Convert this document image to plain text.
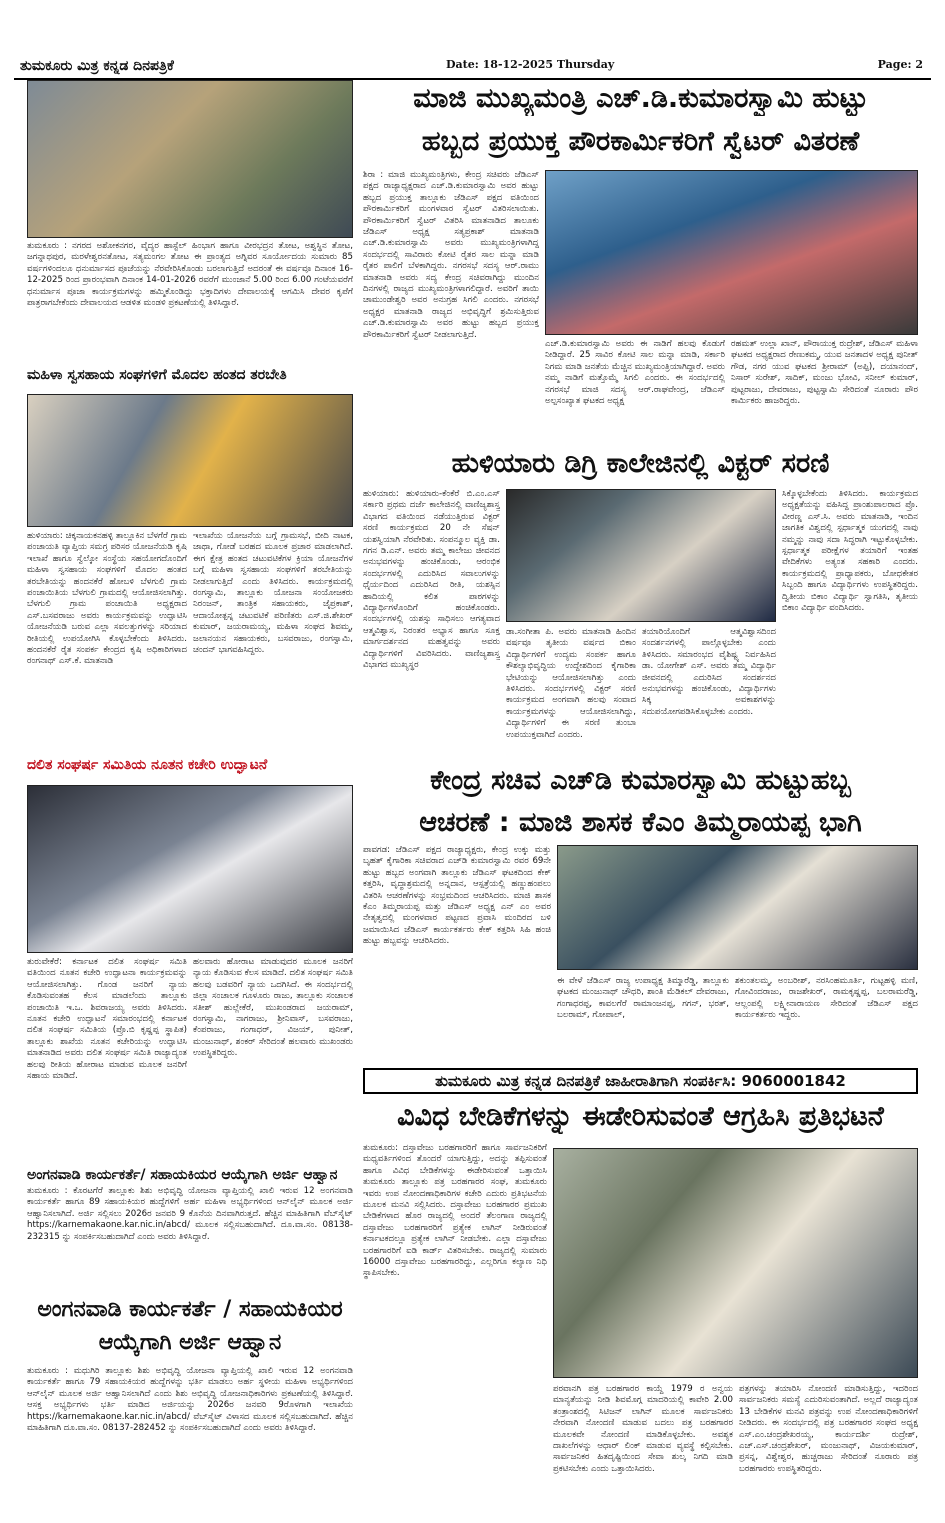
ತುಮಕೂರು ಮಿತ್ರ ಕನ್ನಡ ದಿನಪತ್ರಿಕೆ	Date: 18-12-2025 Thursday	Page: 2
ತುಮಕೂರು : ನಗರದ ಅಶೋಕನಗರ, ವೈದ್ಯರ ಹಾಸ್ಟೆಲ್ ಹಿಂಭಾಗ ಹಾಗೂ ವೀರಭದ್ರನ ತೋಟ, ಅಶ್ವಸ್ಥಿನ ತೋಟ, ಜಗನ್ನಾಥಪುರ, ಮರಳೇಶ್ವರನತೋಟ, ಸತ್ಯಮಂಗಲ ತೋಟ ಈ ಪ್ರಾಂತ್ಯದ ಅಗ್ನಿವರ ಸೂರ್ಯೋದಯ ಸುಮಾರು 85 ವರ್ಷಗಳಿಂದಲೂ ಧನುರ್ಮಾಸದ ಪೂಜೆಯನ್ನು ನೆರವೇರಿಸಿಕೊಂಡು ಬರಲಾಗುತ್ತಿದೆ ಅದರಂತೆ ಈ ವರ್ಷವೂ ದಿನಾಂಕ 16-12-2025 ರಿಂದ ಪ್ರಾರಂಭವಾಗಿ ದಿನಾಂಕ 14-01-2026 ರವರೆಗೆ ಮುಂಜಾನೆ 5.00 ರಿಂದ 6.00 ಗಂಟೆಯವರೆಗೆ ಧನುರ್ಮಾಸ ಪೂಜಾ ಕಾರ್ಯಕ್ರಮಗಳನ್ನು ಹಮ್ಮಿಕೊಂಡಿದ್ದು ಭಕ್ತಾದಿಗಳು ದೇವಾಲಯಕ್ಕೆ ಆಗಮಿಸಿ ದೇವರ ಕೃಪೆಗೆ ಪಾತ್ರರಾಗಬೇಕೆಂದು ದೇವಾಲಯದ ಆಡಳಿತ ಮಂಡಳಿ ಪ್ರಕಟಣೆಯಲ್ಲಿ ತಿಳಿಸಿದ್ದಾರೆ.
ಮಹಿಳಾ ಸ್ವಸಹಾಯ ಸಂಘಗಳಿಗೆ ಮೊದಲ ಹಂತದ ತರಬೇತಿ
ಹುಳಿಯಾರು: ಚಿಕ್ಕನಾಯಕನಹಳ್ಳಿ ತಾಲ್ಲೂಕಿನ ಬೆಳಗೆರೆ ಗ್ರಾಮ ಪಂಚಾಯತಿ ವ್ಯಾಪ್ತಿಯ ಸಮಗ್ರ ಪರಿಸರ ಯೋಜನೆಯಡಿ ಕೃಷಿ ಇಲಾಖೆ ಹಾಗೂ ಸ್ವೆಲ್ಕೋ ಸಂಸ್ಥೆಯ ಸಹಯೋಗದೊಂದಿಗೆ ಮಹಿಳಾ ಸ್ವಸಹಾಯ ಸಂಘಗಳಿಗೆ ಮೊದಲ ಹಂತದ ತರಬೇತಿಯನ್ನು ಹಂದನಕೆರೆ ಹೋಬಳಿ ಬೆಳಗುಲಿ ಗ್ರಾಮ ಪಂಚಾಯಿತಿಯ ಬೆಳಗುಲಿ ಗ್ರಾಮದಲ್ಲಿ ಆಯೋಜಿಸಲಾಗಿತ್ತು. ಬೆಳಗುಲಿ ಗ್ರಾಮ ಪಂಚಾಯಿತಿ ಅಧ್ಯಕ್ಷರಾದ ಎಸ್.ಬಸವರಾಜು ಅವರು ಕಾರ್ಯಕ್ರಮವನ್ನು ಉದ್ಘಾಟಿಸಿ ಯೋಜನೆಯಡಿ ಬರುವ ಎಲ್ಲಾ ಸವಲತ್ತುಗಳನ್ನು ಸರಿಯಾದ ರೀತಿಯಲ್ಲಿ ಉಪಯೋಗಿಸಿ ಕೊಳ್ಳಬೇಕೆಂದು ತಿಳಿಸಿದರು. ಹಂದನಕೆರೆ ರೈತ ಸಂಪರ್ಕ ಕೇಂದ್ರದ ಕೃಷಿ ಅಧಿಕಾರಿಗಳಾದ ರಂಗನಾಥ್ ಎಸ್.ಕೆ. ಮಾತನಾಡಿ
ಇಲಾಖೆಯ ಯೋಜನೆಯ ಬಗ್ಗೆ ಗ್ರಾಮಸಭೆ, ಬೀದಿ ನಾಟಕ, ಜಾಥಾ, ಗೋಡೆ ಬರಹದ ಮೂಲಕ ಪ್ರಚಾರ ಮಾಡಲಾಗಿದೆ. ಈಗ ಕ್ಷೇತ್ರ ಹಂತದ ಚಟುವಟಿಕೆಗಳ ಕ್ರಿಯಾ ಯೋಜನೆಗಳ ಬಗ್ಗೆ ಮಹಿಳಾ ಸ್ವಸಹಾಯ ಸಂಘಗಳಿಗೆ ತರಬೇತಿಯನ್ನು ನೀಡಲಾಗುತ್ತಿದೆ ಎಂದು ತಿಳಿಸಿದರು. ಕಾರ್ಯಕ್ರಮದಲ್ಲಿ ರಂಗಸ್ವಾಮಿ, ತಾಲ್ಲೂಕು ಯೋಜನಾ ಸಂಯೋಜಕರು ನಿರಂಜನ್, ತಾಂತ್ರಿಕ ಸಹಾಯಕರು, ಜೈಪ್ರಕಾಶ್, ಆದಾಯೋತ್ಪನ್ನ ಚಟುವಟಿಕೆ ಪರಿಣಿತರು ಎಸ್.ಜಿ.ಶೇಖರ್ ಕುಮಾರ್, ಜಯರಾಮಯ್ಯ, ಮಹಿಳಾ ಸಂಘದ ಶಿವಮ್ಮ, ಜಲಾನಯನ ಸಹಾಯಕರು, ಬಸವರಾಜು, ರಂಗಸ್ವಾಮಿ, ಚಂದನ್ ಭಾಗವಹಿಸಿದ್ದರು.
ದಲಿತ ಸಂಘರ್ಷ ಸಮಿತಿಯ ನೂತನ ಕಚೇರಿ ಉದ್ಘಾಟನೆ
ತುರುವೇಕೆರೆ: ಕರ್ನಾಟಕ ದಲಿತ ಸಂಘರ್ಷ ಸಮಿತಿ ವತಿಯಿಂದ ನೂತನ ಕಚೇರಿ ಉದ್ಘಾಟನಾ ಕಾರ್ಯಕ್ರಮವನ್ನು ಆಯೋಜಿಸಲಾಗಿತ್ತು. ಗೊಂಡ ಜನರಿಗೆ ನ್ಯಾಯ ಕೊಡಿಸುವಂತಹ ಕೆಲಸ ಮಾಡಲೆಂದು ತಾಲ್ಲೂಕು ಪಂಚಾಯಿತಿ ಇ.ಒ. ಶಿವರಾಜಯ್ಯ ಅವರು ತಿಳಿಸಿದರು. ನೂತನ ಕಚೇರಿ ಉದ್ಘಾಟನೆ ಸಮಾರಂಭದಲ್ಲಿ ಕರ್ನಾಟಕ ದಲಿತ ಸಂಘರ್ಷ ಸಮಿತಿಯ (ಪ್ರೊ.ಬಿ ಕೃಷ್ಣಪ್ಪ ಸ್ಥಾಪಿತ) ತಾಲ್ಲೂಕು ಶಾಖೆಯ ನೂತನ ಕಚೇರಿಯನ್ನು ಉದ್ಘಾಟಿಸಿ ಮಾತನಾಡಿದ ಅವರು ದಲಿತ ಸಂಘರ್ಷ ಸಮಿತಿ ರಾಜ್ಯಾದ್ಯಂತ ಹಲವು ರೀತಿಯ ಹೋರಾಟ ಮಾಡುವ ಮೂಲಕ ಜನರಿಗೆ ಸಹಾಯ ಮಾಡಿದೆ.
ಹಲವಾರು ಹೋರಾಟ ಮಾಡುವುದರ ಮೂಲಕ ಜನರಿಗೆ ನ್ಯಾಯ ಕೊಡಿಸುವ ಕೆಲಸ ಮಾಡಿದೆ. ದಲಿತ ಸಂಘರ್ಷ ಸಮಿತಿ ಹಲವು ಬಡವರಿಗೆ ನ್ಯಾಯ ಒದಗಿಸಿದೆ. ಈ ಸಂದರ್ಭದಲ್ಲಿ ಜಿಲ್ಲಾ ಸಂಚಾಲಕ ಗೂಳೂರು ರಾಜು, ತಾಲ್ಲೂಕು ಸಂಚಾಲಕ ಸತೀಶ್ ಹುಲ್ಲೇಕೆರೆ, ಮುಖಂಡರಾದ ಜಯರಾಮ್, ರಂಗಸ್ವಾಮಿ, ನಾಗರಾಜು, ಶ್ರೀನಿವಾಸ್, ಬಸವರಾಜು, ಕೆಂಪರಾಜು, ಗಂಗಾಧರ್, ವಿಜಯ್, ಪುನೀತ್, ಮಂಜುನಾಥ್, ಶಂಕರ್ ಸೇರಿದಂತೆ ಹಲವಾರು ಮುಖಂಡರು ಉಪಸ್ಥಿತರಿದ್ದರು.
ಅಂಗನವಾಡಿ ಕಾರ್ಯಕರ್ತೆ/ ಸಹಾಯಕಿಯರ ಆಯ್ಕೆಗಾಗಿ ಅರ್ಜಿ ಆಹ್ವಾನ
ತುಮಕೂರು : ಕೊರಟಗೆರೆ ತಾಲ್ಲೂಕು ಶಿಶು ಅಭಿವೃದ್ಧಿ ಯೋಜನಾ ವ್ಯಾಪ್ತಿಯಲ್ಲಿ ಖಾಲಿ ಇರುವ 12 ಅಂಗನವಾಡಿ ಕಾರ್ಯಕರ್ತೆ ಹಾಗೂ 89 ಸಹಾಯಕಿಯರ ಹುದ್ದೆಗಳಿಗೆ ಅರ್ಹ ಮಹಿಳಾ ಅಭ್ಯರ್ಥಿಗಳಿಂದ ಆನ್‌ಲೈನ್ ಮೂಲಕ ಅರ್ಜಿ ಆಹ್ವಾನಿಸಲಾಗಿದೆ. ಅರ್ಜಿ ಸಲ್ಲಿಸಲು 2026ರ ಜನವರಿ 9 ಕೊನೆಯ ದಿನವಾಗಿರುತ್ತದೆ. ಹೆಚ್ಚಿನ ಮಾಹಿತಿಗಾಗಿ ವೆಬ್‌ಸೈಟ್ https://karnemakaone.kar.nic.in/abcd/ ಮೂಲಕ ಸಲ್ಲಿಸಬಹುದಾಗಿದೆ. ದೂ.ವಾ.ಸಂ. 08138-232315 ನ್ನು ಸಂಪರ್ಕಿಸಬಹುದಾಗಿದೆ ಎಂದು ಅವರು ತಿಳಿಸಿದ್ದಾರೆ.
ಅಂಗನವಾಡಿ ಕಾರ್ಯಕರ್ತೆ / ಸಹಾಯಕಿಯರ
ಆಯ್ಕೆಗಾಗಿ ಅರ್ಜಿ ಆಹ್ವಾನ
ತುಮಕೂರು : ಮಧುಗಿರಿ ತಾಲ್ಲೂಕು ಶಿಶು ಅಭಿವೃದ್ಧಿ ಯೋಜನಾ ವ್ಯಾಪ್ತಿಯಲ್ಲಿ ಖಾಲಿ ಇರುವ 12 ಅಂಗನವಾಡಿ ಕಾರ್ಯಕರ್ತೆ ಹಾಗೂ 79 ಸಹಾಯಕಿಯರ ಹುದ್ದೆಗಳನ್ನು ಭರ್ತಿ ಮಾಡಲು ಅರ್ಹ ಸ್ಥಳೀಯ ಮಹಿಳಾ ಅಭ್ಯರ್ಥಿಗಳಿಂದ ಆನ್‌ಲೈನ್ ಮೂಲಕ ಅರ್ಜಿ ಆಹ್ವಾನಿಸಲಾಗಿದೆ ಎಂದು ಶಿಶು ಅಭಿವೃದ್ಧಿ ಯೋಜನಾಧಿಕಾರಿಗಳು ಪ್ರಕಟಣೆಯಲ್ಲಿ ತಿಳಿಸಿದ್ದಾರೆ. ಆಸಕ್ತ ಅಭ್ಯರ್ಥಿಗಳು ಭರ್ತಿ ಮಾಡಿದ ಅರ್ಜಿಯನ್ನು 2026ರ ಜನವರಿ 9ರೊಳಗಾಗಿ ಇಲಾಖೆಯ https://karnemakaone.kar.nic.in/abcd/ ವೆಬ್‌ಸೈಟ್ ವಿಳಾಸದ ಮೂಲಕ ಸಲ್ಲಿಸಬಹುದಾಗಿದೆ. ಹೆಚ್ಚಿನ ಮಾಹಿತಿಗಾಗಿ ದೂ.ವಾ.ಸಂ. 08137-282452 ನ್ನು ಸಂಪರ್ಕಿಸಬಹುದಾಗಿದೆ ಎಂದು ಅವರು ತಿಳಿಸಿದ್ದಾರೆ.
ಮಾಜಿ ಮುಖ್ಯಮಂತ್ರಿ ಎಚ್.ಡಿ.ಕುಮಾರಸ್ವಾಮಿ ಹುಟ್ಟು
ಹಬ್ಬದ ಪ್ರಯುಕ್ತ ಪೌರಕಾರ್ಮಿಕರಿಗೆ ಸ್ವೆಟರ್ ವಿತರಣೆ
ಶಿರಾ : ಮಾಜಿ ಮುಖ್ಯಮಂತ್ರಿಗಳು, ಕೇಂದ್ರ ಸಚಿವರು ಜೆಡಿಎಸ್ ಪಕ್ಷದ ರಾಜ್ಯಾಧ್ಯಕ್ಷರಾದ ಎಚ್.ಡಿ.ಕುಮಾರಸ್ವಾಮಿ ಅವರ ಹುಟ್ಟು ಹಬ್ಬದ ಪ್ರಯುಕ್ತ ತಾಲ್ಲೂಕು ಜೆಡಿಎಸ್ ಪಕ್ಷದ ವತಿಯಿಂದ ಪೌರಕಾರ್ಮಿಕರಿಗೆ ಮಂಗಳವಾರ ಸ್ವೆಟರ್ ವಿತರಿಸಲಾಯಿತು. ಪೌರಕಾರ್ಮಿಕರಿಗೆ ಸ್ವೆಟರ್ ವಿತರಿಸಿ ಮಾತನಾಡಿದ ತಾಲೂಕು ಜೆಡಿಎಸ್ ಅಧ್ಯಕ್ಷ ಸತ್ಯಪ್ರಕಾಶ್ ಮಾತನಾಡಿ ಎಚ್.ಡಿ.ಕುಮಾರಸ್ವಾಮಿ ಅವರು ಮುಖ್ಯಮಂತ್ರಿಗಳಾಗಿದ್ದ ಸಂದರ್ಭದಲ್ಲಿ ಸಾವಿರಾರು ಕೋಟಿ ರೈತರ ಸಾಲ ಮನ್ನಾ ಮಾಡಿ ರೈತರ ಪಾಲಿಗೆ ಬೆಳಕಾಗಿದ್ದರು. ನಗರಸಭೆ ಸದಸ್ಯ ಆರ್.ರಾಮು ಮಾತನಾಡಿ ಅವರು ಸದ್ಯ ಕೇಂದ್ರ ಸಚಿವರಾಗಿದ್ದು ಮುಂದಿನ ದಿನಗಳಲ್ಲಿ ರಾಜ್ಯದ ಮುಖ್ಯಮಂತ್ರಿಗಳಾಗಲಿದ್ದಾರೆ. ಅವರಿಗೆ ತಾಯಿ ಚಾಮುಂಡೇಶ್ವರಿ ಅವರ ಅನುಗ್ರಹ ಸಿಗಲಿ ಎಂದರು. ನಗರಸಭೆ ಅಧ್ಯಕ್ಷರ ಮಾತನಾಡಿ ರಾಜ್ಯದ ಅಭಿವೃದ್ಧಿಗೆ ಶ್ರಮಿಸುತ್ತಿರುವ ಎಚ್.ಡಿ.ಕುಮಾರಸ್ವಾಮಿ ಅವರ ಹುಟ್ಟು ಹಬ್ಬದ ಪ್ರಯುಕ್ತ ಪೌರಕಾರ್ಮಿಕರಿಗೆ ಸ್ವೆಟರ್ ನೀಡಲಾಗುತ್ತಿದೆ.
ಎಚ್.ಡಿ.ಕುಮಾರಸ್ವಾಮಿ ಅವರು ಈ ನಾಡಿಗೆ ಹಲವು ಕೊಡುಗೆ ನೀಡಿದ್ದಾರೆ. 25 ಸಾವಿರ ಕೋಟಿ ಸಾಲ ಮನ್ನಾ ಮಾಡಿ, ಸರ್ಕಾರಿ ನಿಗಮ ಮಾಡಿ ಜನತೆಯ ಮೆಚ್ಚಿನ ಮುಖ್ಯಮಂತ್ರಿಯಾಗಿದ್ದಾರೆ. ಅವರು ನಮ್ಮ ನಾಡಿಗೆ ಮತ್ತೊಮ್ಮೆ ಸಿಗಲಿ ಎಂದರು. ಈ ಸಂದರ್ಭದಲ್ಲಿ ನಗರಸಭೆ ಮಾಜಿ ಸದಸ್ಯ ಆರ್.ರಾಘವೇಂದ್ರ, ಜೆಡಿಎಸ್ ಅಲ್ಪಸಂಖ್ಯಾತ ಘಟಕದ ಅಧ್ಯಕ್ಷ
ರಹಮತ್ ಉಲ್ಲಾ ಖಾನ್, ಪೌರಾಯುಕ್ತ ರುದ್ರೇಶ್, ಜೆಡಿಎಸ್ ಮಹಿಳಾ ಘಟಕದ ಅಧ್ಯಕ್ಷರಾದ ರೇಣುಕಮ್ಮ, ಯುವ ಜನತಾದಳ ಅಧ್ಯಕ್ಷ ಪುನೀತ್ ಗೌಡ, ನಗರ ಯುವ ಘಟಕದ ಶ್ರೀರಾಮ್ (ಅಪ್ಪಿ), ದಯಾನಂದ್, ನಿಸಾರ್ ಸುರೇಶ್, ಸಾದಿಕ್, ಮಂಜು ಭೋವಿ, ಸನೀಲ್ ಕುಮಾರ್, ಪುಟ್ಟರಾಜು, ದೇವರಾಜು, ಪುಟ್ಟಸ್ವಾಮಿ ಸೇರಿದಂತೆ ನೂರಾರು ಪೌರ ಕಾರ್ಮಿಕರು ಹಾಜರಿದ್ದರು.
ಹುಳಿಯಾರು ಡಿಗ್ರಿ ಕಾಲೇಜಿನಲ್ಲಿ ವಿಕ್ಟರ್ ಸರಣಿ
ಹುಳಿಯಾರು: ಹುಳಿಯಾರು-ಕೆಂಕೆರೆ ಬಿ.ಎಂ.ಎಸ್ ಸರ್ಕಾರಿ ಪ್ರಥಮ ದರ್ಜೆ ಕಾಲೇಜಿನಲ್ಲಿ ವಾಣಿಜ್ಯಶಾಸ್ತ್ರ ವಿಭಾಗದ ವತಿಯಿಂದ ನಡೆಯುತ್ತಿರುವ ವಿಕ್ಟರ್ ಸರಣಿ ಕಾರ್ಯಕ್ರಮದ 20 ನೇ ಸೆಷನ್ ಯಶಸ್ವಿಯಾಗಿ ನೆರವೇರಿತು. ಸಂಪನ್ಮೂಲ ವ್ಯಕ್ತಿ ಡಾ. ಗಗನ ಡಿ.ಎನ್. ಅವರು ತಮ್ಮ ಕಾಲೇಜು ಜೀವನದ ಅನುಭವಗಳನ್ನು ಹಂಚಿಕೊಂಡು, ಆರಂಭಿಕ ಸಂದರ್ಭಗಳಲ್ಲಿ ಎದುರಿಸಿದ ಸವಾಲುಗಳನ್ನು ಧೈರ್ಯದಿಂದ ಎದುರಿಸಿದ ರೀತಿ, ಯಶಸ್ಸಿನ ಹಾದಿಯಲ್ಲಿ ಕಲಿತ ಪಾಠಗಳನ್ನು ವಿದ್ಯಾರ್ಥಿಗಳೊಂದಿಗೆ ಹಂಚಿಕೊಂಡರು. ಸಂದರ್ಭಗಳಲ್ಲಿ ಯಶಸ್ಸು ಸಾಧಿಸಲು ಆಗತ್ಯವಾದ ಆತ್ಮವಿಶ್ವಾಸ, ನಿರಂತರ ಅಭ್ಯಾಸ ಹಾಗೂ ಸೂಕ್ತ ಮಾರ್ಗದರ್ಶನದ ಮಹತ್ವವನ್ನು ಅವರು ವಿದ್ಯಾರ್ಥಿಗಳಿಗೆ ವಿವರಿಸಿದರು. ವಾಣಿಜ್ಯಶಾಸ್ತ್ರ ವಿಭಾಗದ ಮುಖ್ಯಸ್ಥರ
ಡಾ.ಸಂಗೀತಾ ಪಿ. ಅವರು ಮಾತನಾಡಿ ಹಿಂದಿನ ವರ್ಷವೂ ತೃತೀಯ ವರ್ಷದ ಬಿಕಾಂ ವಿದ್ಯಾರ್ಥಿಗಳಿಗೆ ಉದ್ಯಮ ಸಂಪರ್ಕ ಹಾಗೂ ಕೌಶಲ್ಯಾಭಿವೃದ್ಧಿಯ ಉದ್ದೇಶದಿಂದ ಕೈಗಾರಿಕಾ ಭೇಟಿಯನ್ನು ಆಯೋಜಿಸಲಾಗಿತ್ತು ಎಂದು ತಿಳಿಸಿದರು. ಸಂದರ್ಭಗಳಲ್ಲಿ ವಿಕ್ಟರ್ ಸರಣಿ ಕಾರ್ಯಕ್ರಮದ ಅಂಗವಾಗಿ ಹಲವು ಸಂವಾದ ಕಾರ್ಯಕ್ರಮಗಳನ್ನು ಆಯೋಜಿಸಲಾಗಿದ್ದು, ವಿದ್ಯಾರ್ಥಿಗಳಿಗೆ ಈ ಸರಣಿ ತುಂಬಾ ಉಪಯುಕ್ತವಾಗಿದೆ ಎಂದರು.
ತಯಾರಿಯೊಂದಿಗೆ ಆತ್ಮವಿಶ್ವಾಸದಿಂದ ಸಂದರ್ಶನಗಳಲ್ಲಿ ಪಾಲ್ಗೊಳ್ಳಬೇಕು ಎಂದು ತಿಳಿಸಿದರು. ಸಮಾರಂಭದ ವೈಶಿಷ್ಟ್ಯ ನಿರ್ವಹಿಸಿದ ಡಾ. ಯೋಗೇಶ್ ಎಸ್. ಅವರು ತಮ್ಮ ವಿದ್ಯಾರ್ಥಿ ಜೀವನದಲ್ಲಿ ಎದುರಿಸಿದ ಸಂದರ್ಶನದ ಅನುಭವಗಳನ್ನು ಹಂಚಿಕೊಂಡು, ವಿದ್ಯಾರ್ಥಿಗಳು ಸಿಕ್ಕ ಅವಕಾಶಗಳನ್ನು ಸದುಪಯೋಗಪಡಿಸಿಕೊಳ್ಳಬೇಕು ಎಂದರು.
ಸಿಕ್ಕೊಳ್ಳಬೇಕೆಂದು ತಿಳಿಸಿದರು. ಕಾರ್ಯಕ್ರಮದ ಅಧ್ಯಕ್ಷತೆಯನ್ನು ವಹಿಸಿದ್ದ ಪ್ರಾಂಶುಪಾಲರಾದ ಪ್ರೊ. ವೀರಣ್ಣ ಎಸ್.ಸಿ. ಅವರು ಮಾತನಾಡಿ, ಇಂದಿನ ಜಾಗತಿಕ ವಿಶ್ವದಲ್ಲಿ ಸ್ಪರ್ಧಾತ್ಮಕ ಯುಗದಲ್ಲಿ ನಾವು ನಮ್ಮನ್ನು ನಾವು ಸದಾ ಸಿದ್ಧರಾಗಿ ಇಟ್ಟುಕೊಳ್ಳಬೇಕು. ಸ್ಪರ್ಧಾತ್ಮಕ ಪರೀಕ್ಷೆಗಳ ತಯಾರಿಗೆ ಇಂತಹ ವೇದಿಕೆಗಳು ಅತ್ಯಂತ ಸಹಕಾರಿ ಎಂದರು. ಕಾರ್ಯಕ್ರಮದಲ್ಲಿ ಪ್ರಾಧ್ಯಾಪಕರು, ಬೋಧಕೇತರ ಸಿಬ್ಬಂದಿ ಹಾಗೂ ವಿದ್ಯಾರ್ಥಿಗಳು ಉಪಸ್ಥಿತರಿದ್ದರು. ದ್ವಿತೀಯ ಬಿಕಾಂ ವಿದ್ಯಾರ್ಥಿ ಸ್ವಾಗತಿಸಿ, ತೃತೀಯ ಬಿಕಾಂ ವಿದ್ಯಾರ್ಥಿ ವಂದಿಸಿದರು.
ಕೇಂದ್ರ ಸಚಿವ ಎಚ್‌ಡಿ ಕುಮಾರಸ್ವಾಮಿ ಹುಟ್ಟುಹಬ್ಬ
ಆಚರಣೆ : ಮಾಜಿ ಶಾಸಕ ಕೆಎಂ ತಿಮ್ಮರಾಯಪ್ಪ ಭಾಗಿ
ಪಾವಗಡ: ಜೆಡಿಎಸ್ ಪಕ್ಷದ ರಾಜ್ಯಾಧ್ಯಕ್ಷರು, ಕೇಂದ್ರ ಉಕ್ಕು ಮತ್ತು ಬೃಹತ್ ಕೈಗಾರಿಕಾ ಸಚಿವರಾದ ಎಚ್‌ಡಿ ಕುಮಾರಸ್ವಾಮಿ ರವರ 69ನೇ ಹುಟ್ಟು ಹಬ್ಬದ ಅಂಗವಾಗಿ ತಾಲ್ಲೂಕು ಜೆಡಿಎಸ್ ಘಟಕದಿಂದ ಕೇಕ್ ಕತ್ತರಿಸಿ, ವೃದ್ಧಾಶ್ರಮದಲ್ಲಿ ಅನ್ನದಾನ, ಆಸ್ಪತ್ರೆಯಲ್ಲಿ ಹಣ್ಣುಹಂಪಲು ವಿತರಿಸಿ ಆಚರಣೆಗಳನ್ನು ಸಂಭ್ರಮದಿಂದ ಆಚರಿಸಿದರು. ಮಾಜಿ ಶಾಸಕ ಕೆಎಂ ತಿಮ್ಮರಾಯಪ್ಪ ಮತ್ತು ಜೆಡಿಎಸ್ ಅಧ್ಯಕ್ಷ ಎನ್ ಎಂ ಅವರ ನೇತೃತ್ವದಲ್ಲಿ ಮಂಗಳವಾರ ಪಟ್ಟಣದ ಪ್ರವಾಸಿ ಮಂದಿರದ ಬಳಿ ಜಮಾಯಿಸಿದ ಜೆಡಿಎಸ್ ಕಾರ್ಯಕರ್ತರು ಕೇಕ್ ಕತ್ತರಿಸಿ ಸಿಹಿ ಹಂಚಿ ಹುಟ್ಟು ಹಬ್ಬವನ್ನು ಆಚರಿಸಿದರು.
ಈ ವೇಳೆ ಜೆಡಿಎಸ್ ರಾಜ್ಯ ಉಪಾಧ್ಯಕ್ಷ ತಿಮ್ಮಾರೆಡ್ಡಿ, ತಾಲ್ಲೂಕು ಘಟಕದ ಮಂಜುನಾಥ್ ಚೌಧರಿ, ಶಾಂತಿ ಮೆಡಿಕಲ್ ದೇವರಾಜು, ಗಂಗಾಧರಪ್ಪ, ಕಾವಲಗೆರೆ ರಾಮಾಂಜನಪ್ಪ, ಗಗನ್, ಭರತ್, ಬಲರಾಮ್, ಗೋಪಾಲ್,
ಶಕುಂತಲಮ್ಮ, ಅಂಬರೀಶ್, ನರಸಿಂಹಮೂರ್ತಿ, ಗುಟ್ಟಹಳ್ಳಿ ಮಣಿ, ಗೋವಿಂದರಾಜು, ರಾಜಶೇಖರ್, ರಾಮಕೃಷ್ಣಪ್ಪ, ಬಲರಾಮರೆಡ್ಡಿ, ಆಲ್ಲಂಪಲ್ಲಿ ಲಕ್ಷ್ಮೀನಾರಾಯಣ ಸೇರಿದಂತೆ ಜೆಡಿಎಸ್ ಪಕ್ಷದ ಕಾರ್ಯಕರ್ತರು ಇದ್ದರು.
ತುಮಕೂರು ಮಿತ್ರ ಕನ್ನಡ ದಿನಪತ್ರಿಕೆ ಜಾಹೀರಾತಿಗಾಗಿ ಸಂಪರ್ಕಿಸಿ: 9060001842
ವಿವಿಧ ಬೇಡಿಕೆಗಳನ್ನು ಈಡೇರಿಸುವಂತೆ ಆಗ್ರಹಿಸಿ ಪ್ರತಿಭಟನೆ
ತುಮಕೂರು: ದಸ್ತಾವೇಜು ಬರಹಗಾರರಿಗೆ ಹಾಗೂ ಸಾರ್ವಜನಿಕರಿಗೆ ಮಧ್ಯವರ್ತಿಗಳಿಂದ ತೊಂದರೆ ಯಾಗುತ್ತಿದ್ದು, ಅದನ್ನು ತಪ್ಪಿಸುವಂತೆ ಹಾಗೂ ವಿವಿಧ ಬೇಡಿಕೆಗಳನ್ನು ಈಡೇರಿಸುವಂತೆ ಒತ್ತಾಯಿಸಿ ತುಮಕೂರು ತಾಲ್ಲೂಕು ಪತ್ರ ಬರಹಗಾರರ ಸಂಘ, ತುಮಕೂರು ಇವರು ಉಪ ನೋಂದಣಾಧಿಕಾರಿಗಳ ಕಚೇರಿ ಎದುರು ಪ್ರತಿಭಟನೆಯ ಮೂಲಕ ಮನವಿ ಸಲ್ಲಿಸಿದರು. ದಸ್ತಾವೇಜು ಬರಹಗಾರರ ಪ್ರಮುಖ ಬೇಡಿಕೆಗಳಾದ ಹೊರ ರಾಜ್ಯದಲ್ಲಿ ಅಂದರೆ ತೆಲಂಗಾಣ ರಾಜ್ಯದಲ್ಲಿ ದಸ್ತಾವೇಜು ಬರಹಗಾರರಿಗೆ ಪ್ರತ್ಯೇಕ ಲಾಗಿನ್ ನೀಡಿರುವಂತೆ ಕರ್ನಾಟಕದಲ್ಲೂ ಪ್ರತ್ಯೇಕ ಲಾಗಿನ್ ನೀಡಬೇಕು. ಎಲ್ಲಾ ದಸ್ತಾವೇಜು ಬರಹಗಾರರಿಗೆ ಐಡಿ ಕಾರ್ಡ್ ವಿತರಿಸಬೇಕು. ರಾಜ್ಯದಲ್ಲಿ ಸುಮಾರು 16000 ದಸ್ತಾವೇಜು ಬರಹಗಾರರಿದ್ದು, ಎಲ್ಲರಿಗೂ ಕಲ್ಯಾಣ ನಿಧಿ ಸ್ಥಾಪಿಸಬೇಕು.
ಪರವಾನಗಿ ಪತ್ರ ಬರಹಗಾರರ ಕಾಯ್ದೆ 1979 ರ ಅನ್ವಯ ಮಾನ್ಯತೆಯನ್ನು ನೀಡಿ ಶಿವಮೊಗ್ಗ ಮಾದರಿಯಲ್ಲಿ ಕಾವೇರಿ 2.00 ತಂತ್ರಾಂಶದಲ್ಲಿ ಸಿಟಿಜನ್ ಲಾಗಿನ್ ಮೂಲಕ ಸಾರ್ವಜನಿಕರು ನೇರವಾಗಿ ನೋಂದಣಿ ಮಾಡುವ ಬದಲು ಪತ್ರ ಬರಹಗಾರರ ಮೂಲಕವೇ ನೋಂದಣಿ ಮಾಡಿಕೊಳ್ಳಬೇಕು. ಅವಶ್ಯಕ ದಾಖಲೆಗಳನ್ನು ಆಧಾರ್ ಲಿಂಕ್ ಮಾಡುವ ವ್ಯವಸ್ಥೆ ಕಲ್ಪಿಸಬೇಕು. ಸಾರ್ವಜನಿಕರ ಹಿತದೃಷ್ಟಿಯಿಂದ ಸೇವಾ ಶುಲ್ಕ ನಿಗದಿ ಮಾಡಿ ಪ್ರಕಟಿಸಬೇಕು ಎಂದು ಒತ್ತಾಯಿಸಿದರು.
ಪತ್ರಗಳನ್ನು ತಯಾರಿಸಿ ನೋಂದಣಿ ಮಾಡಿಸುತ್ತಿದ್ದು, ಇದರಿಂದ ಸಾರ್ವಜನಿಕರು ಸಮಸ್ಯೆ ಎದುರಿಸುವಂತಾಗಿದೆ. ಅಲ್ಲದೆ ರಾಜ್ಯಾದ್ಯಂತ 13 ಬೇಡಿಕೆಗಳ ಮನವಿ ಪತ್ರವನ್ನು ಉಪ ನೋಂದಣಾಧಿಕಾರಿಗಳಿಗೆ ನೀಡಿದರು. ಈ ಸಂದರ್ಭದಲ್ಲಿ ಪತ್ರ ಬರಹಗಾರರ ಸಂಘದ ಅಧ್ಯಕ್ಷ ಎಸ್.ಎಂ.ಚಂದ್ರಶೇಖರಯ್ಯ, ಕಾರ್ಯದರ್ಶಿ ರುದ್ರೇಶ್, ಎಚ್.ಎಸ್.ಚಂದ್ರಶೇಖರ್, ಮಂಜುನಾಥ್, ವಿಜಯಕುಮಾರ್, ಪ್ರಸನ್ನ, ವಿಶ್ವೇಶ್ವರ, ಹುಚ್ಚರಾಜು ಸೇರಿದಂತೆ ನೂರಾರು ಪತ್ರ ಬರಹಗಾರರು ಉಪಸ್ಥಿತರಿದ್ದರು.
